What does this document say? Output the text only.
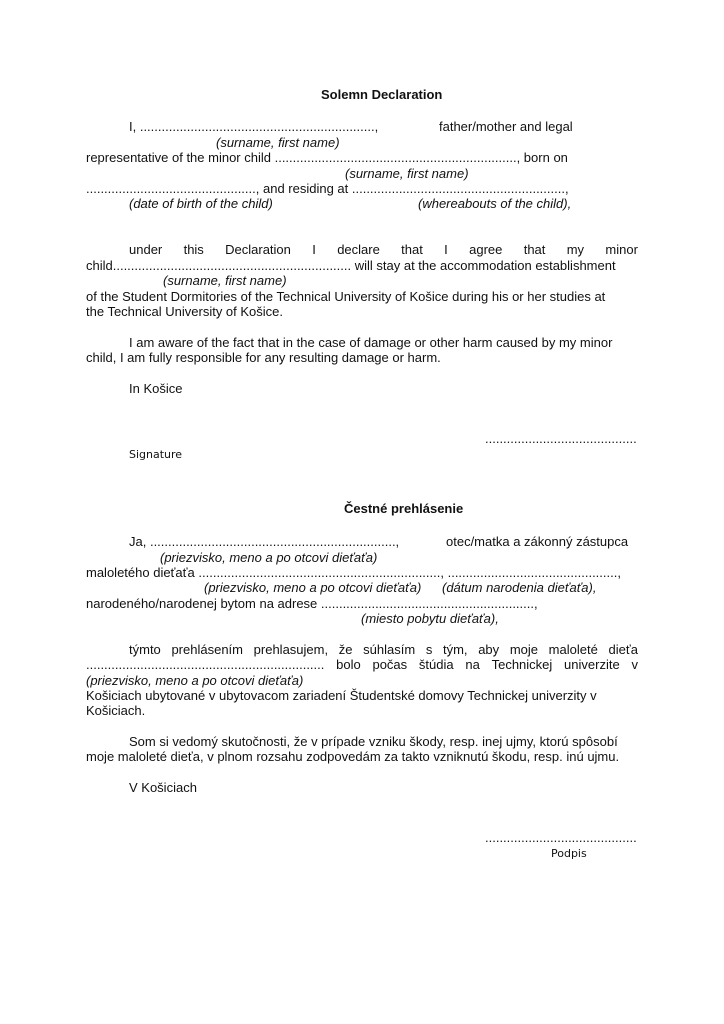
Solemn Declaration
I, .................................................................,	father/mother and legal
(surname, first name)
representative of the minor child ..................................................................., born on
(surname, first name)
..............................................., and residing at ...........................................................,
(date of birth of the child)	(whereabouts of the child),
under this Declaration I declare that I agree that my minor
child.................................................................. will stay at the accommodation establishment
(surname, first name)
of the Student Dormitories of the Technical University of Košice during his or her studies at
the Technical University of Košice.
I am aware of the fact that in the case of damage or other harm caused by my minor
child, I am fully responsible for any resulting damage or harm.
In Košice
..........................................
Signature
Čestné prehlásenie
Ja, ....................................................................,	otec/matka a zákonný zástupca
(priezvisko, meno a po otcovi dieťaťa)
maloletého dieťaťa ..................................................................., ...............................................,
(priezvisko, meno a po otcovi dieťaťa) (dátum narodenia dieťaťa),
narodeného/narodenej bytom na adrese ...........................................................,
(miesto pobytu dieťaťa),
týmto prehlásením prehlasujem, že súhlasím s tým, aby moje maloleté dieťa
.................................................................. bolo počas štúdia na Technickej univerzite v
(priezvisko, meno a po otcovi dieťaťa)
Košiciach ubytované v ubytovacom zariadení Študentské domovy Technickej univerzity v
Košiciach.
Som si vedomý skutočnosti, že v prípade vzniku škody, resp. inej ujmy, ktorú spôsobí
moje maloleté dieťa, v plnom rozsahu zodpovedám za takto vzniknutú škodu, resp. inú ujmu.
V Košiciach
..........................................
Podpis
